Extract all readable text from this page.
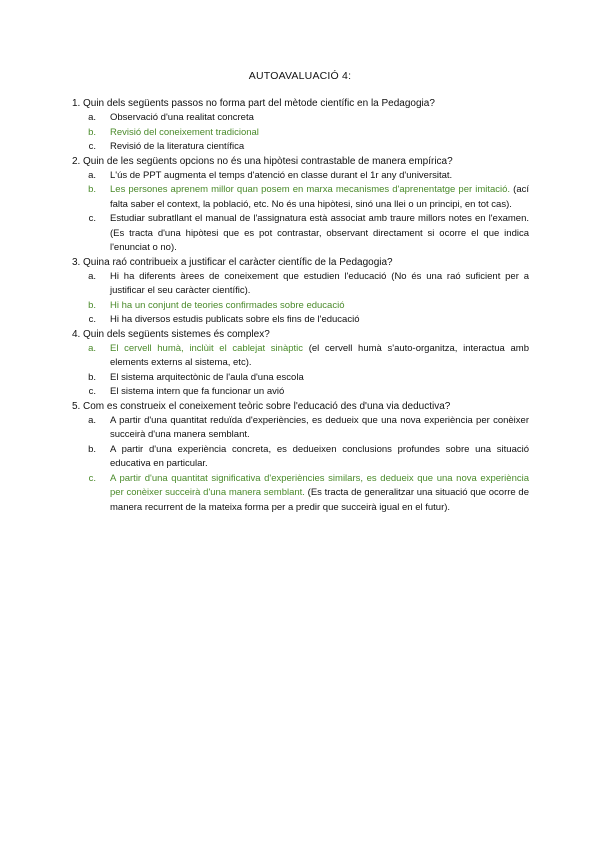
AUTOAVALUACIÓ 4:
1. Quin dels següents passos no forma part del mètode científic en la Pedagogia?
a.	Observació d'una realitat concreta
b.	Revisió del coneixement tradicional
c.	Revisió de la literatura científica
2. Quin de les següents opcions no és una hipòtesi contrastable de manera empírica?
a.	L'ús de PPT augmenta el temps d'atenció en classe durant el 1r any d'universitat.
b.	Les persones aprenem millor quan posem en marxa mecanismes d'aprenentatge per imitació. (ací falta saber el context, la població, etc. No és una hipòtesi, sinó una llei o un principi, en tot cas).
c.	Estudiar subratllant el manual de l'assignatura està associat amb traure millors notes en l'examen. (Es tracta d'una hipòtesi que es pot contrastar, observant directament si ocorre el que indica l'enunciat o no).
3. Quina raó contribueix a justificar el caràcter científic de la Pedagogia?
a.	Hi ha diferents àrees de coneixement que estudien l'educació (No és una raó suficient per a justificar el seu caràcter científic).
b.	Hi ha un conjunt de teories confirmades sobre educació
c.	Hi ha diversos estudis publicats sobre els fins de l'educació
4. Quin dels següents sistemes és complex?
a.	El cervell humà, inclùit el cablejat sinàptic (el cervell humà s'auto-organitza, interactua amb elements externs al sistema, etc).
b.	El sistema arquitectònic de l'aula d'una escola
c.	El sistema intern que fa funcionar un avió
5. Com es construeix el coneixement teòric sobre l'educació des d'una via deductiva?
a.	A partir d'una quantitat reduïda d'experiències, es dedueix que una nova experiència per conèixer succeirà d'una manera semblant.
b.	A partir d'una experiència concreta, es dedueixen conclusions profundes sobre una situació educativa en particular.
c.	A partir d'una quantitat significativa d'experiències similars, es dedueix que una nova experiència per conèixer succeirà d'una manera semblant. (Es tracta de generalitzar una situació que ocorre de manera recurrent de la mateixa forma per a predir que succeirà igual en el futur).
